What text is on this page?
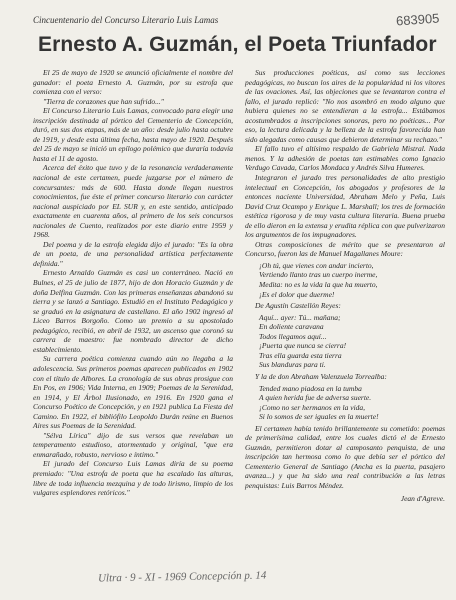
Cincuentenario del Concurso Literario Luis Lamas	683905
Ernesto A. Guzmán, el Poeta Triunfador

El 25 de mayo de 1920 se anunció oficialmente el nombre del ganador: el poeta Ernesto A. Guzmán, por su estrofa que comienza con el verso:

"Tierra de corazones que han sufrido..."

El Concurso Literario Luis Lamas, convocado para elegir una inscripción destinada al pórtico del Cementerio de Concepción, duró, en sus dos etapas, más de un año: desde julio hasta octubre de 1919, y desde esta última fecha, hasta mayo de 1920. Después del 25 de mayo se inició un epílogo polémico que duraría todavía hasta el 11 de agosto.

Acerca del éxito que tuvo y de la resonancia verdaderamente nacional de este certamen, puede juzgarse por el número de concursantes: más de 600. Hasta donde llegan nuestros conocimientos, fue éste el primer concurso literario con carácter nacional auspiciado por EL SUR y, en este sentido, anticipado exactamente en cuarenta años, al primero de los seis concursos nacionales de Cuento, realizados por este diario entre 1959 y 1968.

Del poema y de la estrofa elegida dijo el jurado: "Es la obra de un poeta, de una personalidad artística perfectamente definida."

Ernesto Arnaldo Guzmán es casi un conterráneo. Nació en Bulnes, el 25 de julio de 1877, hijo de don Horacio Guzmán y de doña Delfina Guzmán. Con las primeras enseñanzas abandonó su tierra y se lanzó a Santiago. Estudió en el Instituto Pedagógico y se graduó en la asignatura de castellano. El año 1902 ingresó al Liceo Barros Borgoño. Como un premio a su apostolado pedagógico, recibió, en abril de 1932, un ascenso que coronó su carrera de maestro: fue nombrado director de dicho establecimiento.

Su carrera poética comienza cuando aún no llegaba a la adolescencia. Sus primeros poemas aparecen publicados en 1902 con el título de Albores. La cronología de sus obras prosigue con En Pos, en 1906; Vida Interna, en 1909; Poemas de la Serenidad, en 1914, y El Árbol Ilusionado, en 1916. En 1920 gana el Concurso Poético de Concepción, y en 1921 publica La Fiesta del Camino. En 1922, el bibliófilo Leopoldo Durán reúne en Buenos Aires sus Poemas de la Serenidad.

"Sélva Lírica" dijo de sus versos que revelaban un temperamento estudioso, atormentado y original, "que era enmarañado, robusto, nervioso e íntimo."

El jurado del Concurso Luis Lamas diría de su poema premiado: "Una estrofa de poeta que ha escalado las alturas, libre de toda influencia mezquina y de todo lirismo, limpio de los vulgares esplendores retóricos."

Sus producciones poéticas, así como sus lecciones pedagógicas, no buscan los aires de la popularidad ni los vítores de las ovaciones. Así, las objeciones que se levantaron contra el fallo, el jurado replicó: "No nos asombró en modo alguno que hubiera quienes no se entendieran a la estrofa... Estábamos acostumbrados a inscripciones sonoras, pero no poéticas... Por eso, la lectura delicada y la belleza de la estrofa favorecida han sido alegadas como causas que debieron determinar su rechazo."

El fallo tuvo el altísimo respaldo de Gabriela Mistral. Nada menos. Y la adhesión de poetas tan estimables como Ignacio Verdugo Cavada, Carlos Mondaca y Andrés Silva Humeres.

Integraron el jurado tres personalidades de alto prestigio intelectual en Concepción, los abogados y profesores de la entonces naciente Universidad, Abraham Melo y Peña, Luis David Cruz Ocampo y Enrique L. Marshall; los tres de formación estética rigorosa y de muy vasta cultura literaria. Buena prueba de ello dieron en la extensa y erudita réplica con que pulverizaron los argumentos de los impugnadores.

Otras composiciones de mérito que se presentaron al Concurso, fueron las de Manuel Magallanes Moure:

¡Oh tú, que vienes con andar incierto,
Vertiendo llanto tras un cuerpo inerme,
Medita: no es la vida la que ha muerto,
¡Es el dolor que duerme!

De Agustín Castellón Reyes:

Aquí... ayer: Tú... mañana;
En doliente caravana
Todos llegamos aquí...
¡Puerta que nunca se cierra!
Tras ella guarda esta tierra
Sus blanduras para ti.

Y la de don Abraham Valenzuela Torrealba:

Tended mano piadosa en la tumba
A quien herida fue de adversa suerte.
¡Como no ser hermanos en la vida,
Si lo somos de ser iguales en la muerte!

El certamen había tenido brillantemente su cometido: poemas de primerísima calidad, entre los cuales dictó el de Ernesto Guzmán, permitieron dotar al camposanto penquista, de una inscripción tan hermosa como lo que debía ser el pórtico del Cementerio General de Santiago (Ancha es la puerta, pasajero avanza...) y que ha sido una real contribución a las letras penquistas: Luis Barros Méndez.

Jean d'Agreve.

Ultra · 9 - XI - 1969 Concepción p. 14
